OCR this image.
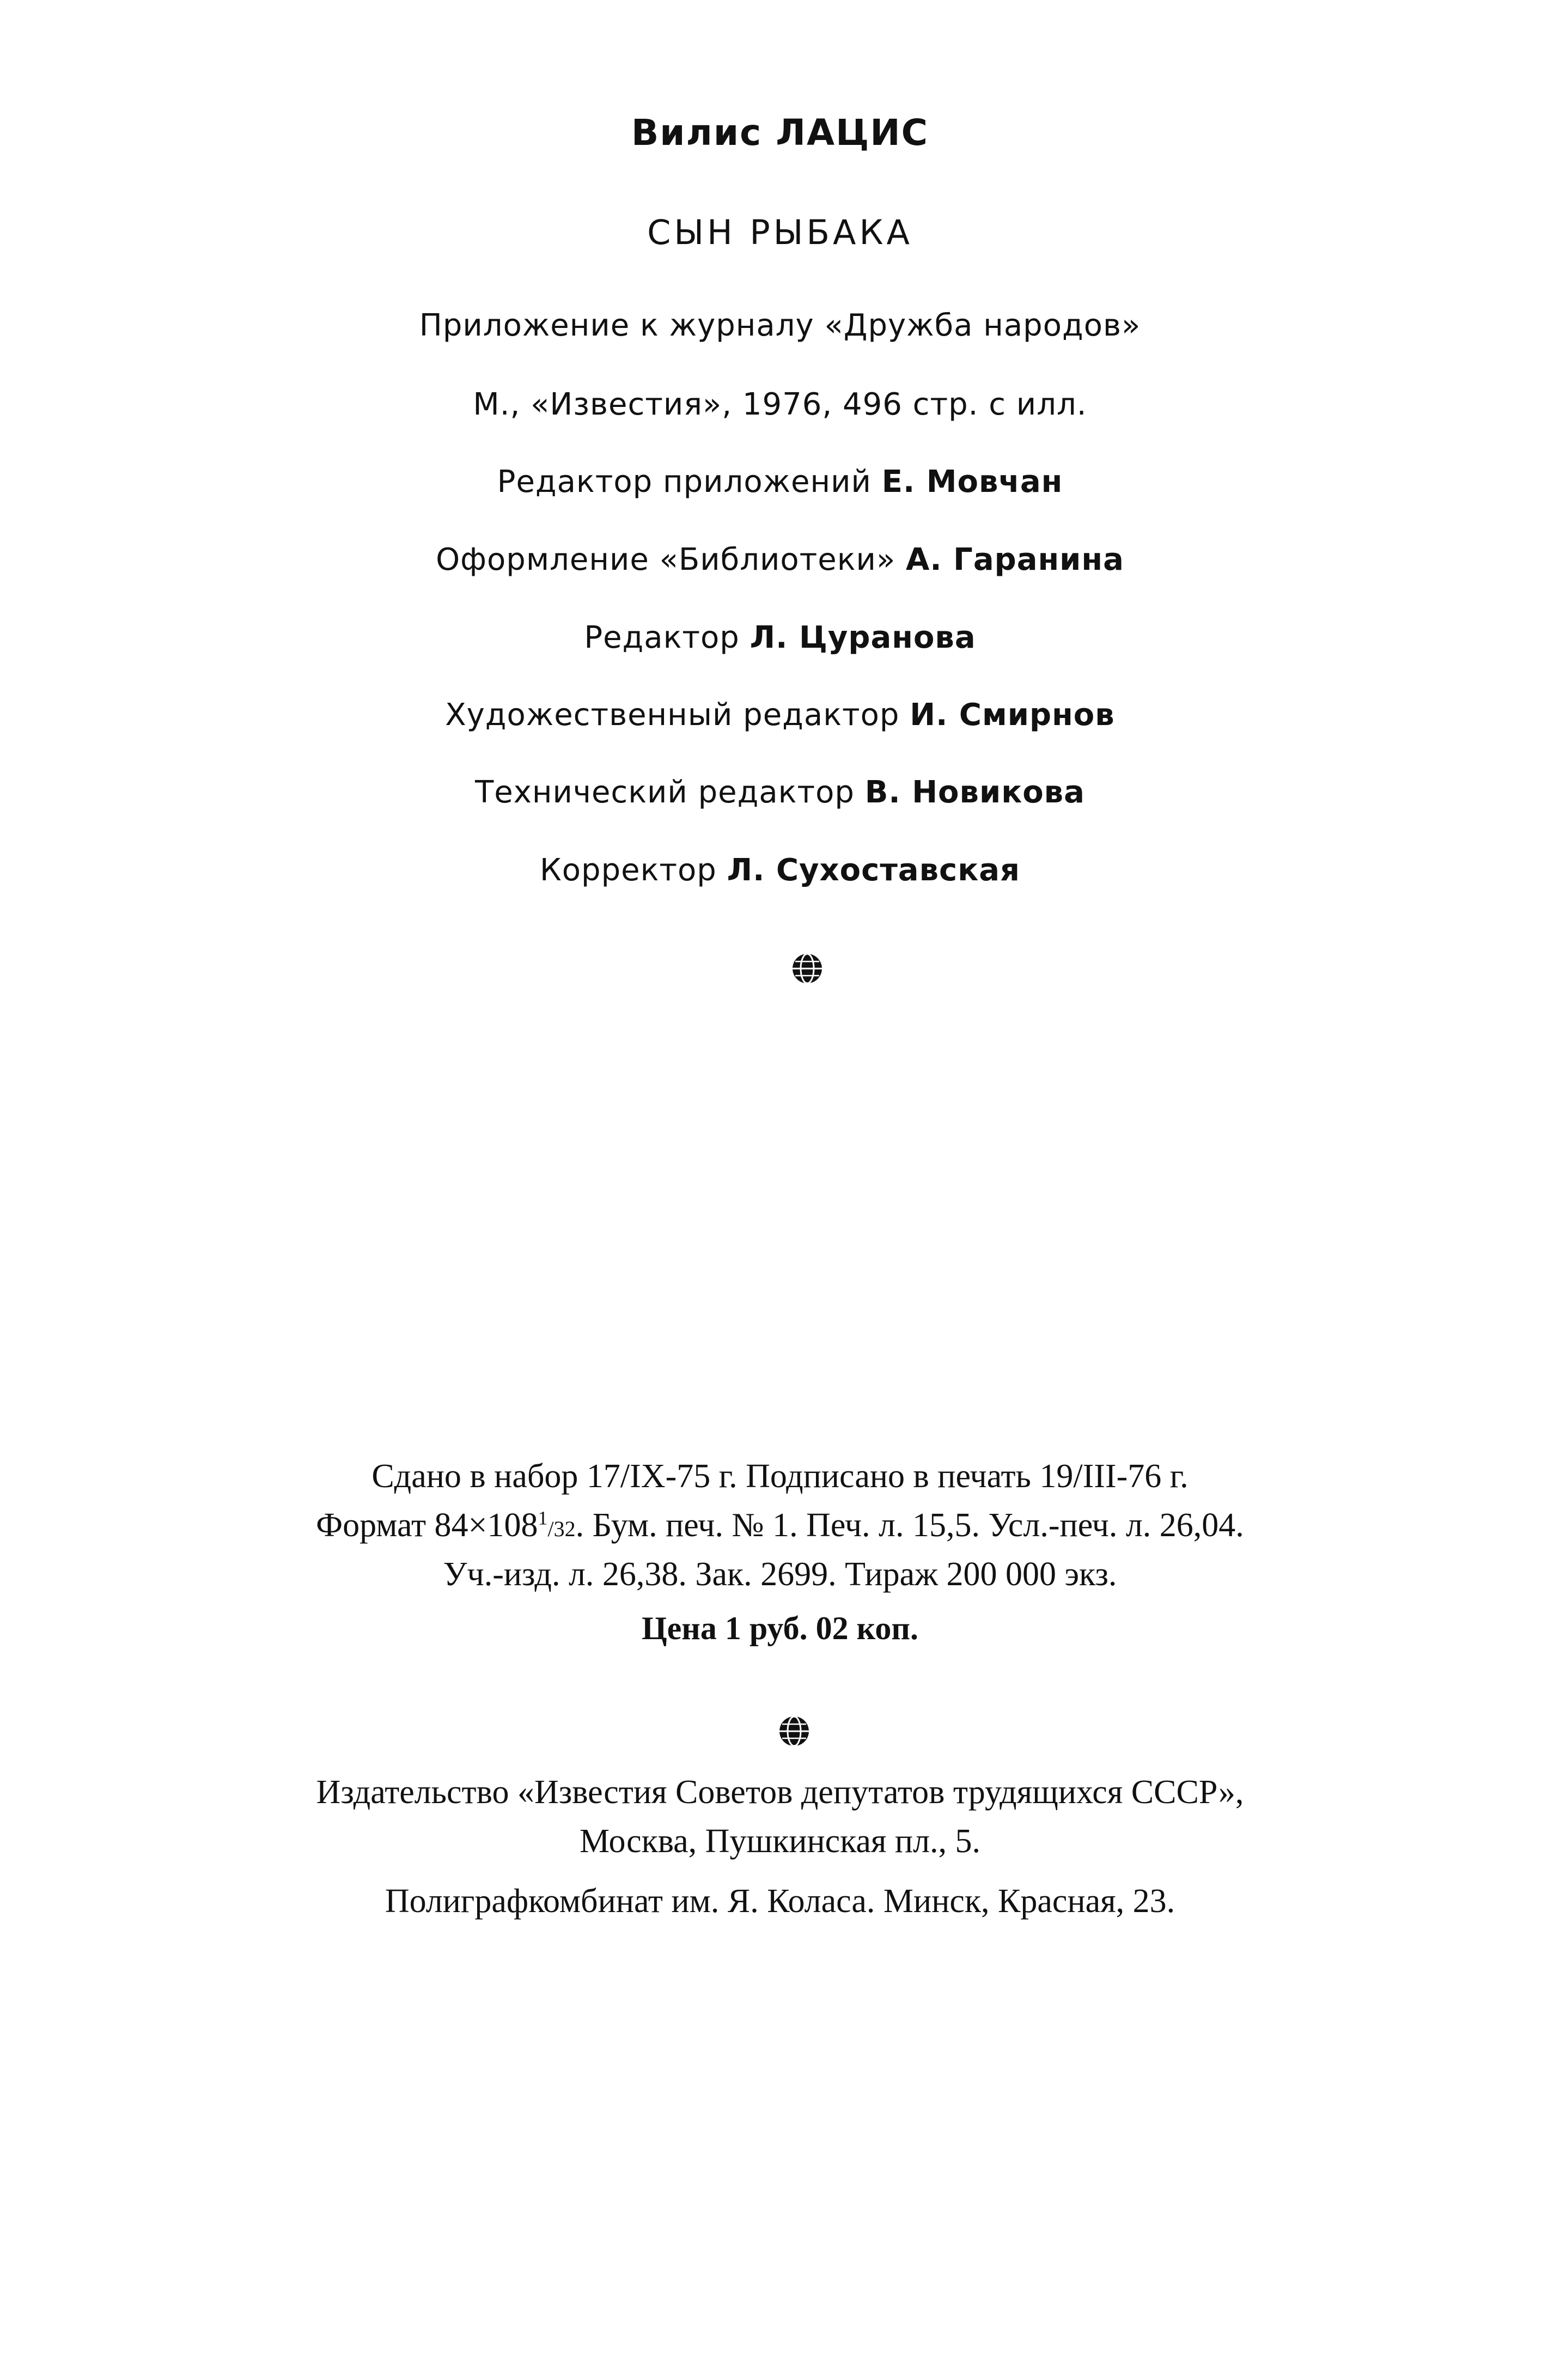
Вилис ЛАЦИС
СЫН РЫБАКА
Приложение к журналу «Дружба народов»
М., «Известия», 1976, 496 стр. с илл.
Редактор приложений Е. Мовчан
Оформление «Библиотеки» А. Гаранина
Редактор Л. Цуранова
Художественный редактор И. Смирнов
Технический редактор В. Новикова
Корректор Л. Сухоставская
Сдано в набор 17/IX-75 г. Подписано в печать 19/III-76 г.
Формат $84\times 108^1/32$. Бум. печ. № 1. Печ. л. 15,5. Усл.-печ. л. 26,04.
Уч.-изд. л. 26,38. Зак. 2699. Тираж 200 000 экз.
Цена 1 руб. 02 коп.
Издательство «Известия Советов депутатов трудящихся СССР»,
Москва, Пушкинская пл., 5.
Полиграфкомбинат им. Я. Коласа. Минск, Красная, 23.
